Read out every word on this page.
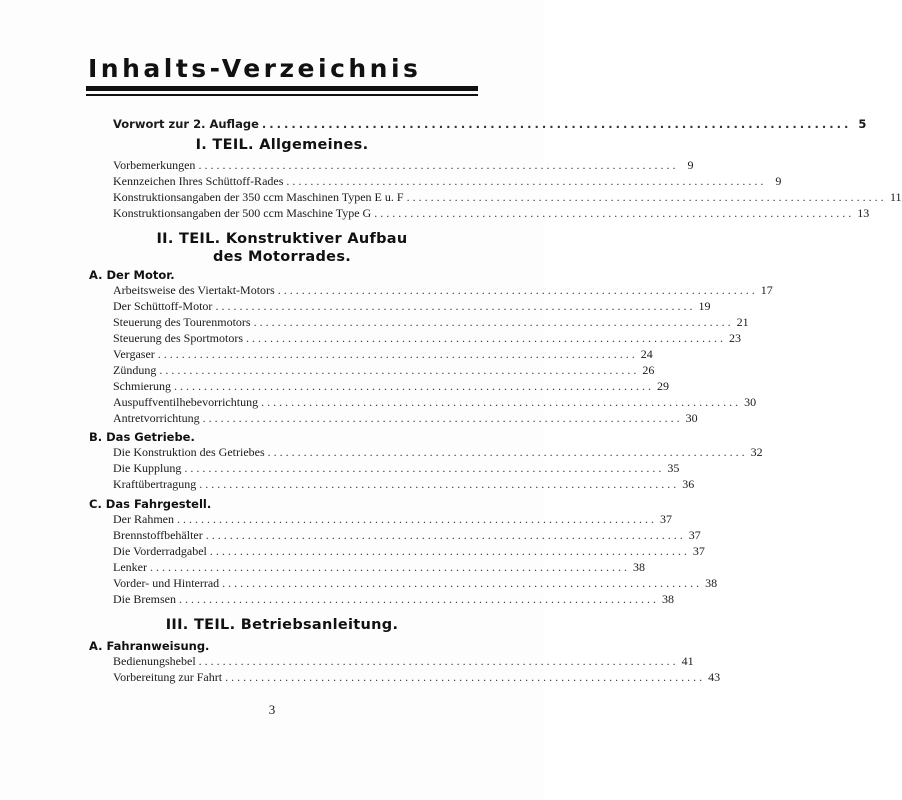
Inhalts-Verzeichnis
Vorwort zur 2. Auflage ................................................................................ 5
I. TEIL. Allgemeines.
Vorbemerkungen ................................................................................ 9
Kennzeichen Ihres Schüttoff-Rades ................................................................................ 9
Konstruktionsangaben der 350 ccm Maschinen Typen E u. F ................................................................................ 11
Konstruktionsangaben der 500 ccm Maschine Type G ................................................................................ 13
II. TEIL. Konstruktiver Aufbau
des Motorrades.
A. Der Motor.
Arbeitsweise des Viertakt-Motors ................................................................................ 17
Der Schüttoff-Motor ................................................................................ 19
Steuerung des Tourenmotors ................................................................................ 21
Steuerung des Sportmotors ................................................................................ 23
Vergaser ................................................................................ 24
Zündung ................................................................................ 26
Schmierung ................................................................................ 29
Auspuffventilhebevorrichtung ................................................................................ 30
Antretvorrichtung ................................................................................ 30
B. Das Getriebe.
Die Konstruktion des Getriebes ................................................................................ 32
Die Kupplung ................................................................................ 35
Kraftübertragung ................................................................................ 36
C. Das Fahrgestell.
Der Rahmen ................................................................................ 37
Brennstoffbehälter ................................................................................ 37
Die Vorderradgabel ................................................................................ 37
Lenker ................................................................................ 38
Vorder- und Hinterrad ................................................................................ 38
Die Bremsen ................................................................................ 38
III. TEIL. Betriebsanleitung.
A. Fahranweisung.
Bedienungshebel ................................................................................ 41
Vorbereitung zur Fahrt ................................................................................ 43
3
